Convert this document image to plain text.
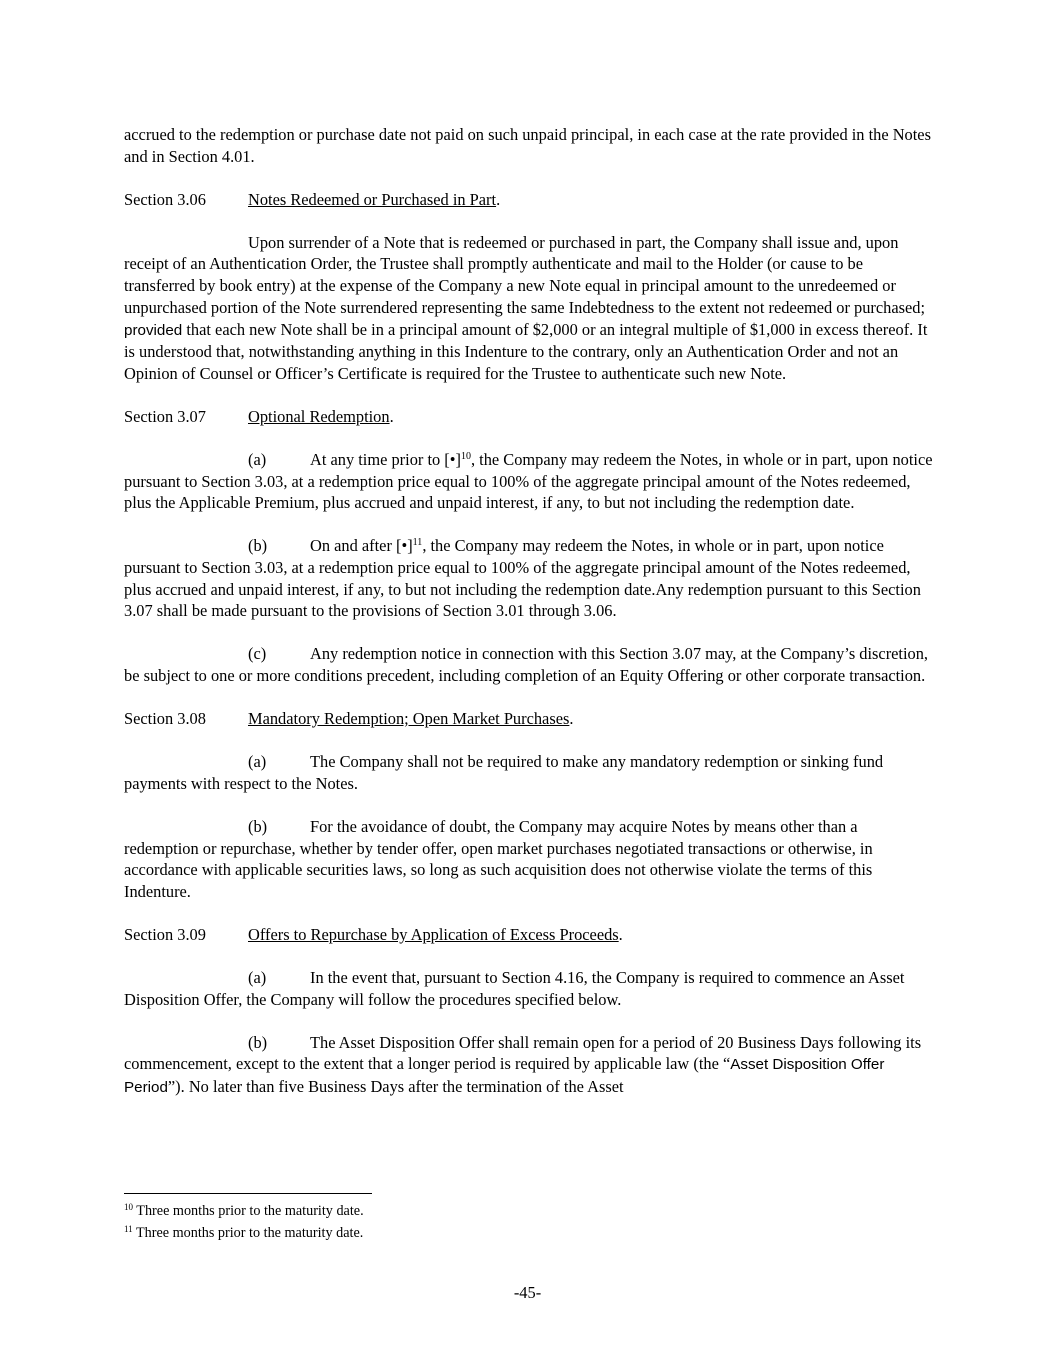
accrued to the redemption or purchase date not paid on such unpaid principal, in each case at the rate provided in the Notes and in Section 4.01.

Section 3.06	Notes Redeemed or Purchased in Part.

Upon surrender of a Note that is redeemed or purchased in part, the Company shall issue and, upon receipt of an Authentication Order, the Trustee shall promptly authenticate and mail to the Holder (or cause to be transferred by book entry) at the expense of the Company a new Note equal in principal amount to the unredeemed or unpurchased portion of the Note surrendered representing the same Indebtedness to the extent not redeemed or purchased; provided that each new Note shall be in a principal amount of $2,000 or an integral multiple of $1,000 in excess thereof. It is understood that, notwithstanding anything in this Indenture to the contrary, only an Authentication Order and not an Opinion of Counsel or Officer’s Certificate is required for the Trustee to authenticate such new Note.

Section 3.07	Optional Redemption.

(a)	At any time prior to [•]$^{10}$, the Company may redeem the Notes, in whole or in part, upon notice pursuant to Section 3.03, at a redemption price equal to 100% of the aggregate principal amount of the Notes redeemed, plus the Applicable Premium, plus accrued and unpaid interest, if any, to but not including the redemption date.

(b)	On and after [•]$^{11}$, the Company may redeem the Notes, in whole or in part, upon notice pursuant to Section 3.03, at a redemption price equal to 100% of the aggregate principal amount of the Notes redeemed, plus accrued and unpaid interest, if any, to but not including the redemption date.Any redemption pursuant to this Section 3.07 shall be made pursuant to the provisions of Section 3.01 through 3.06.

(c)	Any redemption notice in connection with this Section 3.07 may, at the Company’s discretion, be subject to one or more conditions precedent, including completion of an Equity Offering or other corporate transaction.

Section 3.08	Mandatory Redemption; Open Market Purchases.

(a)	The Company shall not be required to make any mandatory redemption or sinking fund payments with respect to the Notes.

(b)	For the avoidance of doubt, the Company may acquire Notes by means other than a redemption or repurchase, whether by tender offer, open market purchases negotiated transactions or otherwise, in accordance with applicable securities laws, so long as such acquisition does not otherwise violate the terms of this Indenture.

Section 3.09	Offers to Repurchase by Application of Excess Proceeds.

(a)	In the event that, pursuant to Section 4.16, the Company is required to commence an Asset Disposition Offer, the Company will follow the procedures specified below.

(b)	The Asset Disposition Offer shall remain open for a period of 20 Business Days following its commencement, except to the extent that a longer period is required by applicable law (the “Asset Disposition Offer Period”). No later than five Business Days after the termination of the Asset

$^{10}$ Three months prior to the maturity date.
$^{11}$ Three months prior to the maturity date.
-45-
